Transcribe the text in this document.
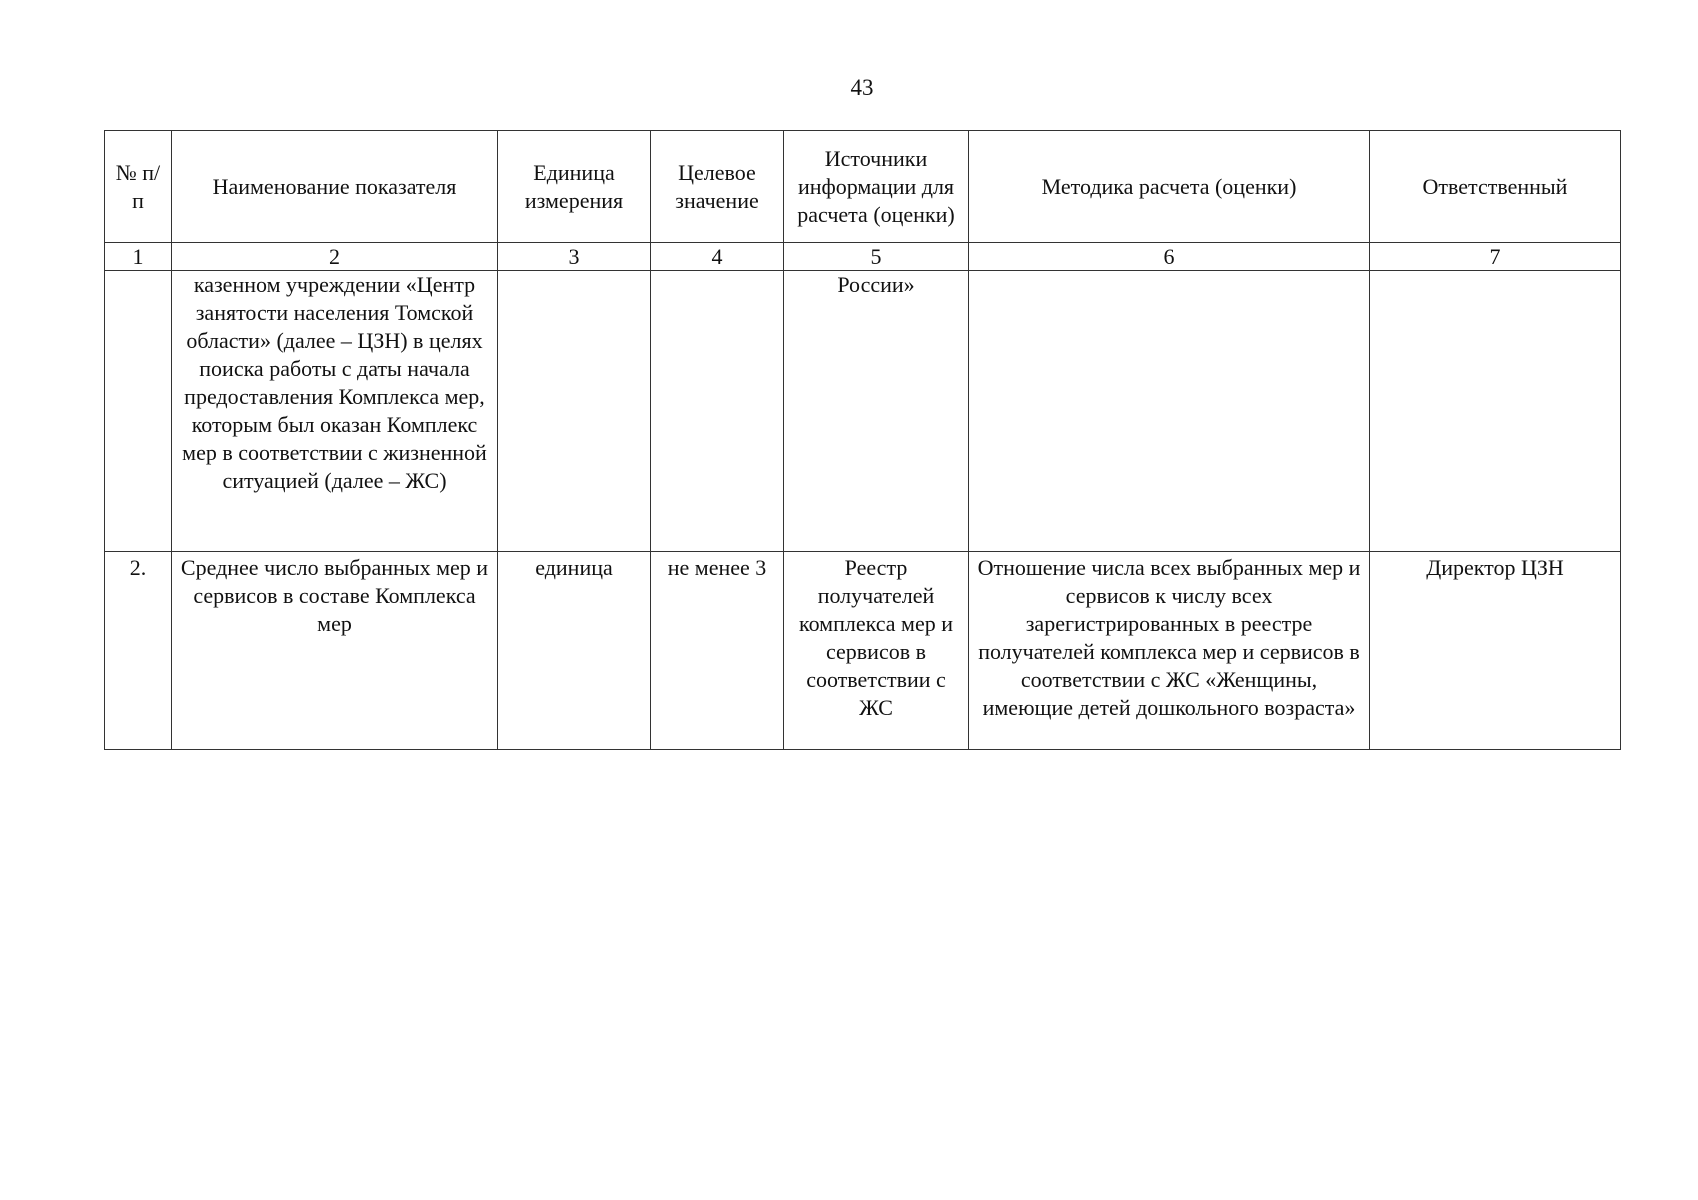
43
№ п/п	Наименование показателя	Единица измерения	Целевое значение	Источники информации для расчета (оценки)	Методика расчета (оценки)	Ответственный
1	2	3	4	5	6	7
	казенном учреждении «Центр занятости населения Томской области» (далее – ЦЗН) в целях поиска работы с даты начала предоставления Комплекса мер, которым был оказан Комплекс мер в соответствии с жизненной ситуацией (далее – ЖС)			России»		
2.	Среднее число выбранных мер и сервисов в составе Комплекса мер	единица	не менее 3	Реестр получателей комплекса мер и сервисов в соответствии с ЖС	Отношение числа всех выбранных мер и сервисов к числу всех зарегистрированных в реестре получателей комплекса мер и сервисов в соответствии с ЖС «Женщины, имеющие детей дошкольного возраста»	Директор ЦЗН
